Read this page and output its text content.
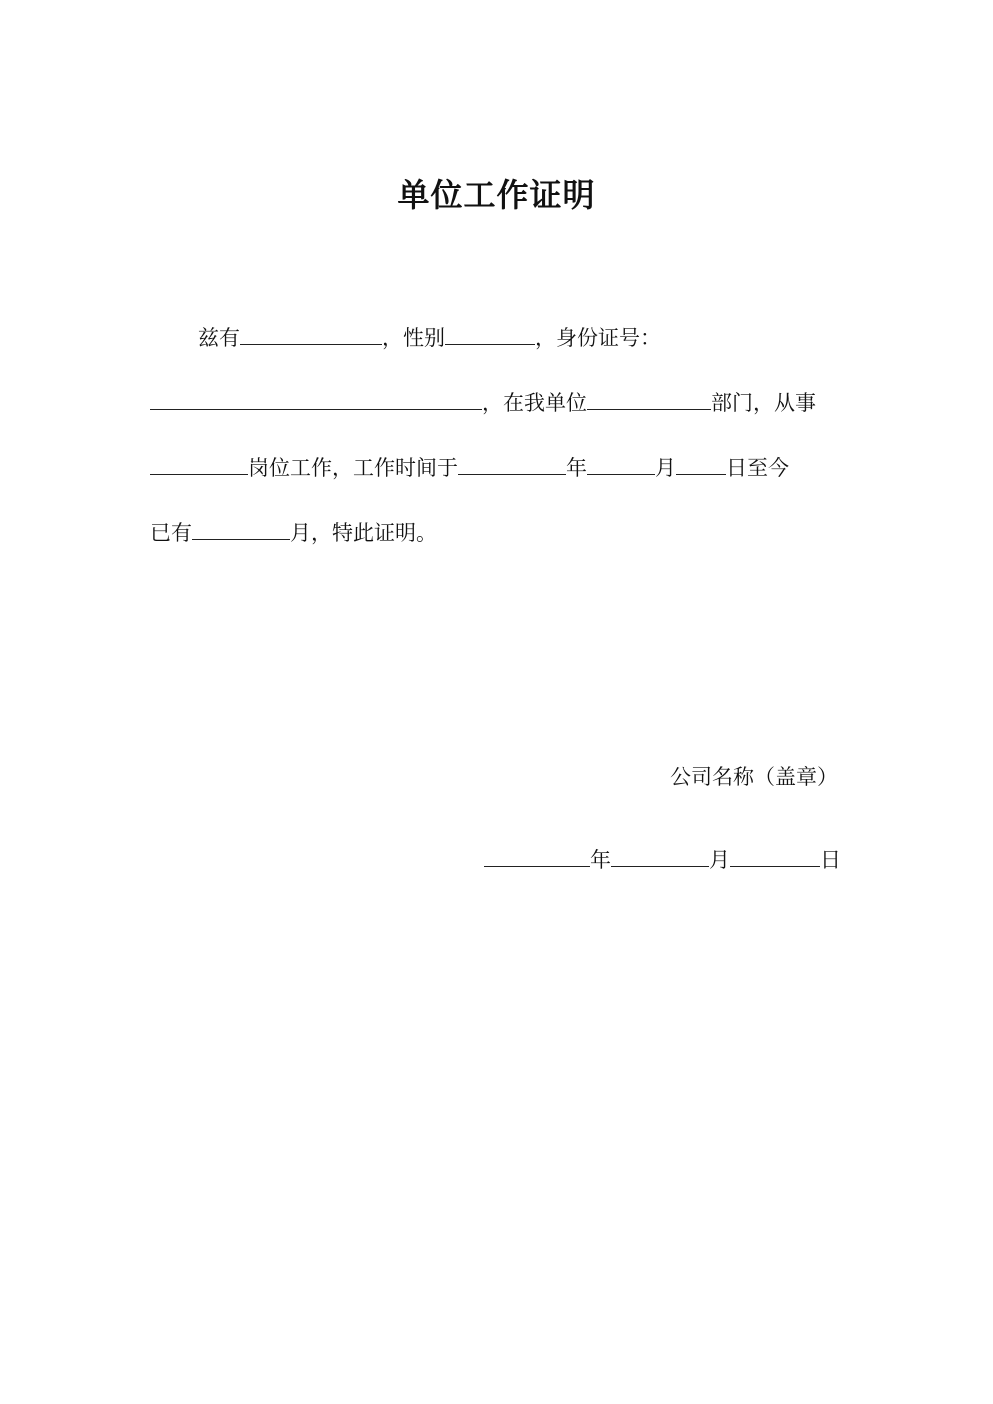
单位工作证明
兹有	，性别	，身份证号：
，在我单位	部门，从事
岗位工作，工作时间于	年	月 日至今
已有	月，特此证明。
公司名称（盖章）
年	月	日
